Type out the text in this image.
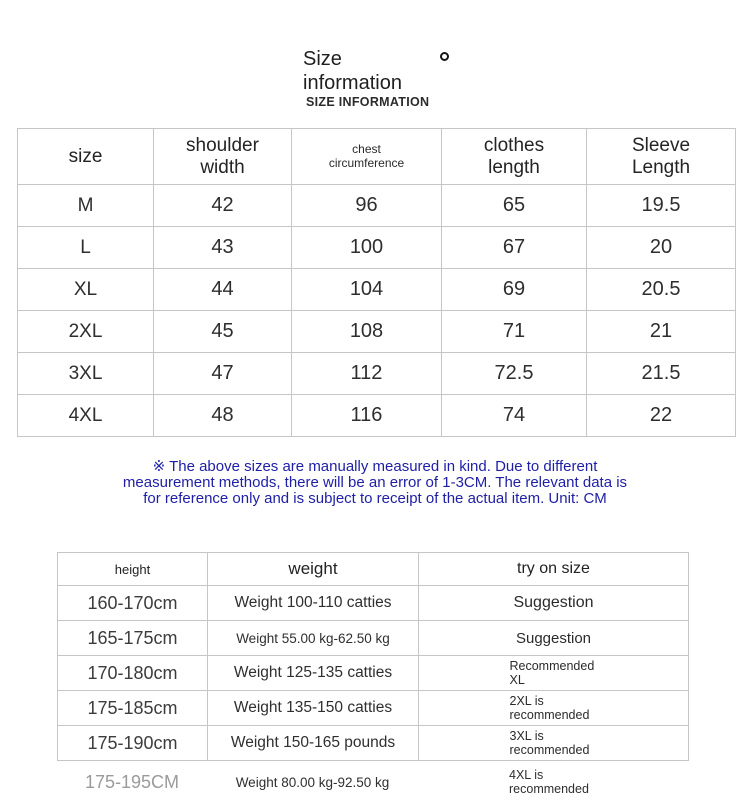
Size information
SIZE INFORMATION
size	shoulder width	chest circumference	clothes length	Sleeve Length
M	42	96	65	19.5
L	43	100	67	20
XL	44	104	69	20.5
2XL	45	108	71	21
3XL	47	112	72.5	21.5
4XL	48	116	74	22
※ The above sizes are manually measured in kind. Due to different
measurement methods, there will be an error of 1-3CM. The relevant data is
for reference only and is subject to receipt of the actual item. Unit: CM
height	weight	try on size
160-170cm	Weight 100-110 catties	Suggestion
165-175cm	Weight 55.00 kg-62.50 kg	Suggestion
170-180cm	Weight 125-135 catties	Recommended XL
175-185cm	Weight 135-150 catties	2XL is recommended
175-190cm	Weight 150-165 pounds	3XL is recommended
175-195CM	Weight 80.00 kg-92.50 kg	4XL is recommended
